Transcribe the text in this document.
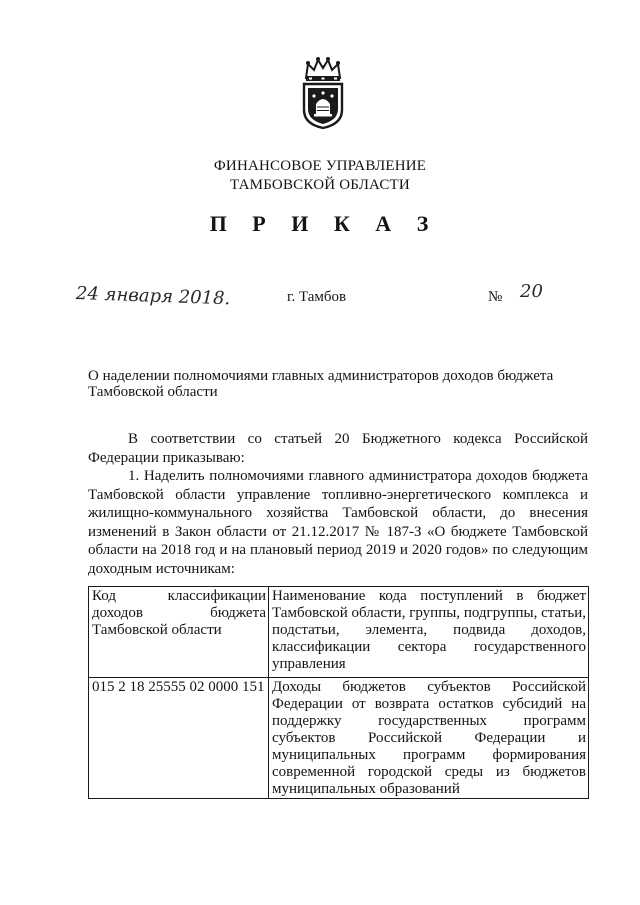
ФИНАНСОВОЕ УПРАВЛЕНИЕ
ТАМБОВСКОЙ ОБЛАСТИ
П Р И К А З
24 января 2018.	г. Тамбов	№ 20
О наделении полномочиями главных администраторов доходов бюджета Тамбовской области
В соответствии со статьей 20 Бюджетного кодекса Российской Федерации приказываю:
1. Наделить полномочиями главного администратора доходов бюджета Тамбовской области управление топливно-энергетического комплекса и жилищно-коммунального хозяйства Тамбовской области, до внесения изменений в Закон области от 21.12.2017 № 187-З «О бюджете Тамбовской области на 2018 год и на плановый период 2019 и 2020 годов» по следующим доходным источникам:
Код классификации доходов бюджета Тамбовской области	Наименование кода поступлений в бюджет Тамбовской области, группы, подгруппы, статьи, подстатьи, элемента, подвида доходов, классификации сектора государственного управления
015 2 18 25555 02 0000 151	Доходы бюджетов субъектов Российской Федерации от возврата остатков субсидий на поддержку государственных программ субъектов Российской Федерации и муниципальных программ формирования современной городской среды из бюджетов муниципальных образований
